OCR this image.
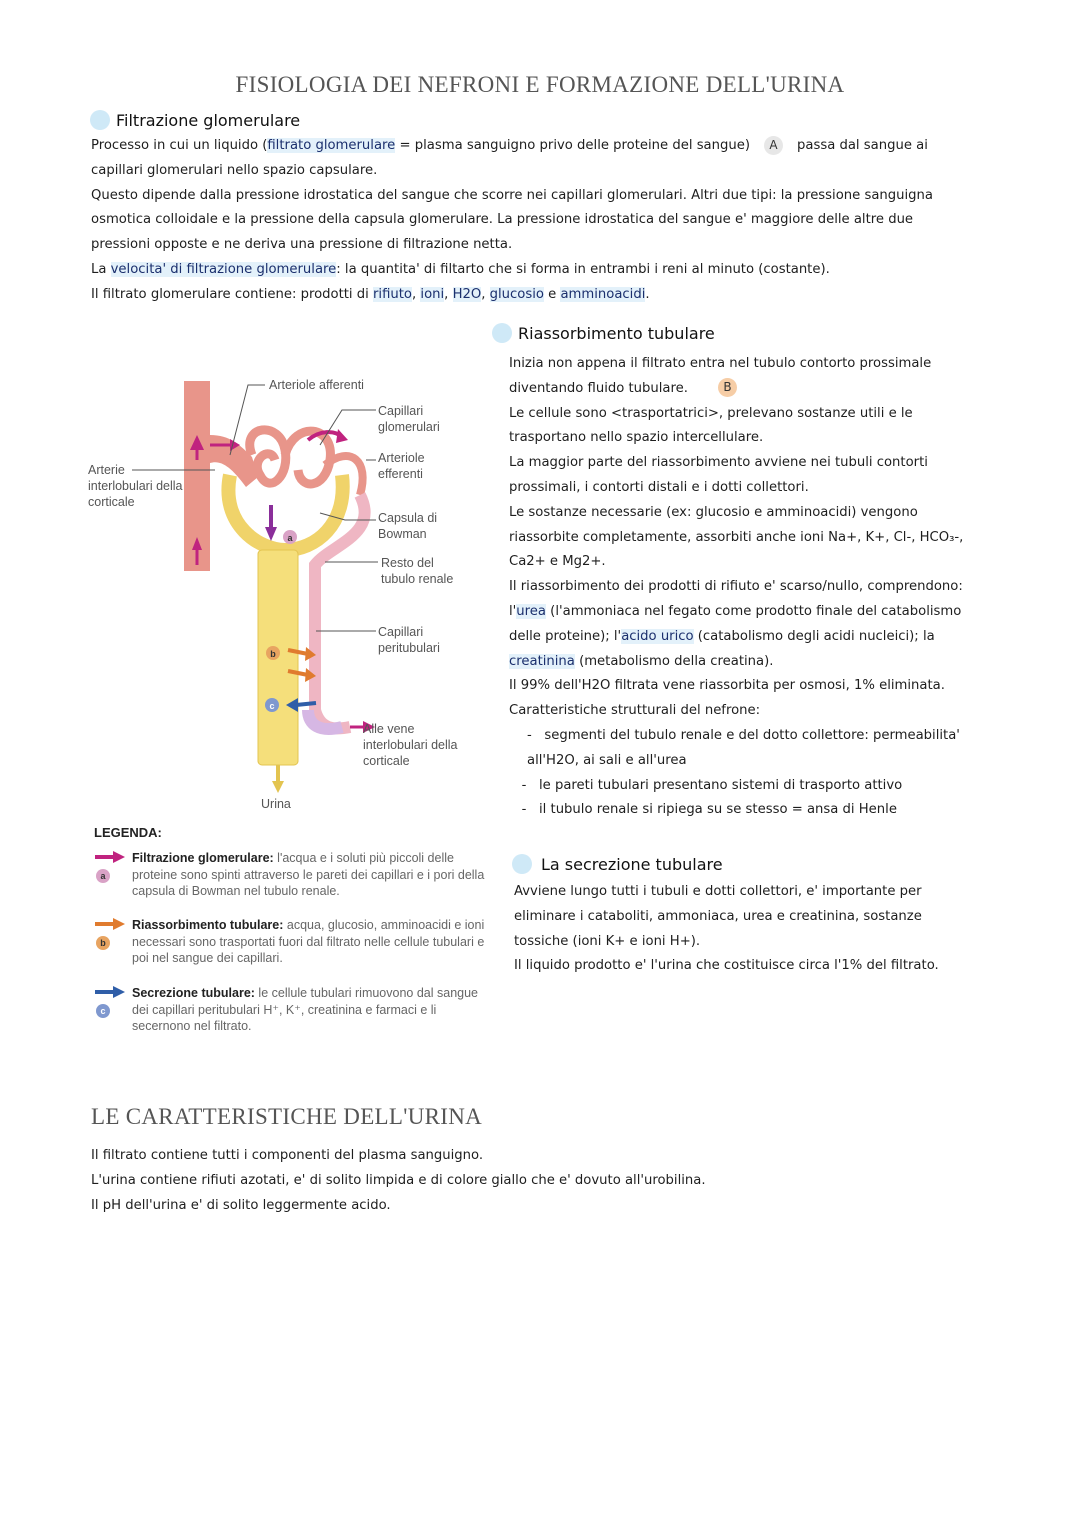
FISIOLOGIA DEI NEFRONI E FORMAZIONE DELL'URINA
Filtrazione glomerulare
Processo in cui un liquido (filtrato glomerulare = plasma sanguigno privo delle proteine del sangue) A passa dal sangue ai capillari glomerulari nello spazio capsulare.
Questo dipende dalla pressione idrostatica del sangue che scorre nei capillari glomerulari. Altri due tipi: la pressione sanguigna osmotica colloidale e la pressione della capsula glomerulare. La pressione idrostatica del sangue e' maggiore delle altre due pressioni opposte e ne deriva una pressione di filtrazione netta.
La velocita' di filtrazione glomerulare: la quantita' di filtarto che si forma in entrambi i reni al minuto (costante).
Il filtrato glomerulare contiene: prodotti di rifiuto, ioni, H2O, glucosio e amminoacidi.
a
b
c
Arteriole afferenti
Capillari glomerulari
Arteriole efferenti
Capsula di Bowman
Resto del tubulo renale
Capillari peritubulari
Alle vene interlobulari della corticale
Arterie interlobulari della corticale
Urina
LEGENDA:
a
Filtrazione glomerulare: l'acqua e i soluti più piccoli delle proteine sono spinti attraverso le pareti dei capillari e i pori della capsula di Bowman nel tubulo renale.
b
Riassorbimento tubulare: acqua, glucosio, amminoacidi e ioni necessari sono trasportati fuori dal filtrato nelle cellule tubulari e poi nel sangue dei capillari.
c
Secrezione tubulare: le cellule tubulari rimuovono dal sangue dei capillari peritubulari H⁺, K⁺, creatinina e farmaci e li secernono nel filtrato.
Riassorbimento tubulare
Inizia non appena il filtrato entra nel tubulo contorto prossimale diventando fluido tubulare.	B
Le cellule sono <trasportatrici>, prelevano sostanze utili e le trasportano nello spazio intercellulare.
La maggior parte del riassorbimento avviene nei tubuli contorti prossimali, i contorti distali e i dotti collettori.
Le sostanze necessarie (ex: glucosio e amminoacidi) vengono riassorbite completamente, assorbiti anche ioni Na+, K+, Cl-, HCO₃-, Ca2+ e Mg2+.
Il riassorbimento dei prodotti di rifiuto e' scarso/nullo, comprendono: l'urea (l'ammoniaca nel fegato come prodotto finale del catabolismo delle proteine); l'acido urico (catabolismo degli acidi nucleici); la creatinina (metabolismo della creatina).
Il 99% dell'H2O filtrata vene riassorbita per osmosi, 1% eliminata.
Caratteristiche strutturali del nefrone:
-   segmenti del tubulo renale e del dotto collettore: permeabilita' all'H2O, ai sali e all'urea
- le pareti tubulari presentano sistemi di trasporto attivo
- il tubulo renale si ripiega su se stesso = ansa di Henle
La secrezione tubulare
Avviene lungo tutti i tubuli e dotti collettori, e' importante per eliminare i cataboliti, ammoniaca, urea e creatinina, sostanze tossiche (ioni K+ e ioni H+).
Il liquido prodotto e' l'urina che costituisce circa l'1% del filtrato.
LE CARATTERISTICHE DELL'URINA
Il filtrato contiene tutti i componenti del plasma sanguigno.
L'urina contiene rifiuti azotati, e' di solito limpida e di colore giallo che e' dovuto all'urobilina.
Il pH dell'urina e' di solito leggermente acido.
